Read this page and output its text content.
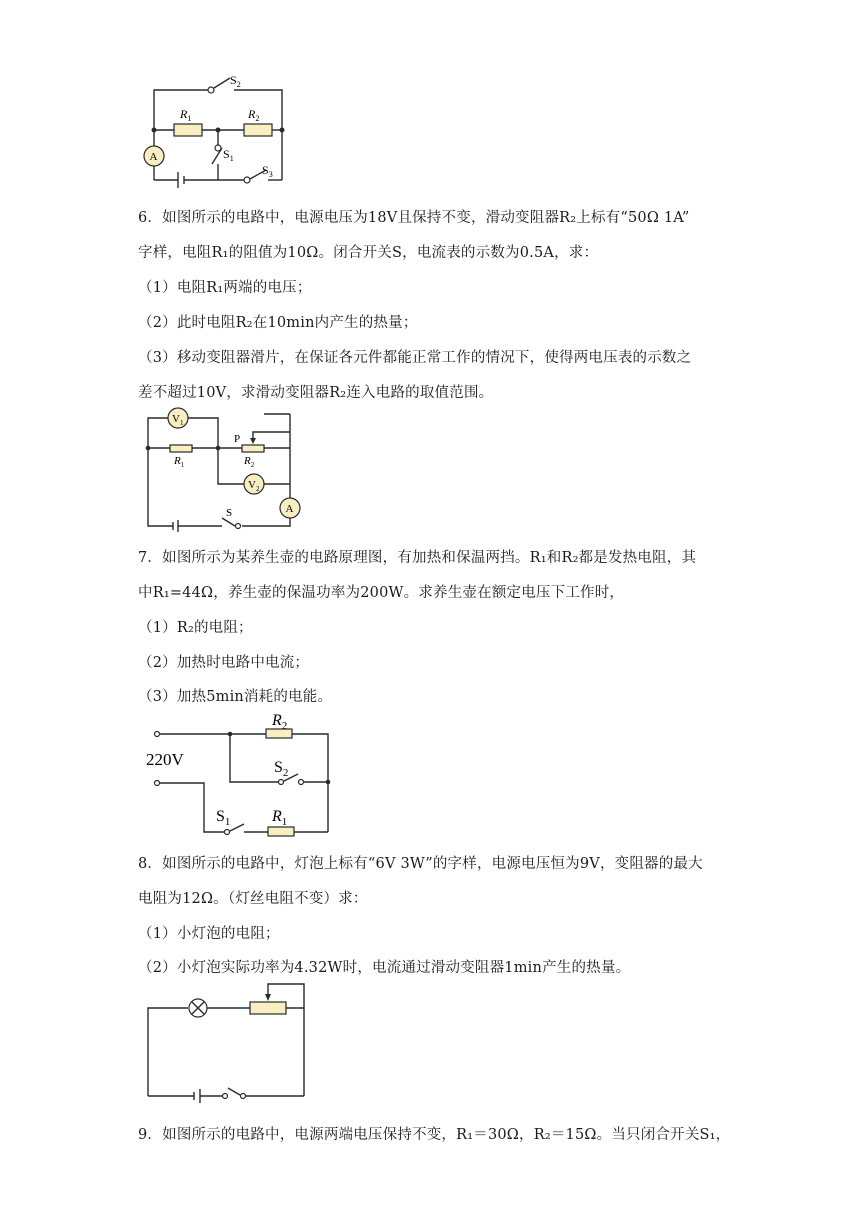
$S_2$
$R_1$	$R_2$
$S_1$
$S_3$
A
6．如图所示的电路中，电源电压为18V且保持不变，滑动变阻器R₂上标有“50Ω 1A”
字样，电阻R₁的阻值为10Ω。闭合开关S，电流表的示数为0.5A，求：
（1）电阻R₁两端的电压；
（2）此时电阻R₂在10min内产生的热量；
（3）移动变阻器滑片，在保证各元件都能正常工作的情况下，使得两电压表的示数之
差不超过10V，求滑动变阻器R₂连入电路的取值范围。
$V_1$
$R_1$
P
$R_2$
$V_2$
A
S
7．如图所示为某养生壶的电路原理图，有加热和保温两挡。R₁和R₂都是发热电阻，其
中R₁=44Ω，养生壶的保温功率为200W。求养生壶在额定电压下工作时，
（1）R₂的电阻；
（2）加热时电路中电流；
（3）加热5min消耗的电能。
220V
$R_2$
$S_2$
$S_1$	$R_1$
8．如图所示的电路中，灯泡上标有“6V 3W”的字样，电源电压恒为9V，变阻器的最大
电阻为12Ω。（灯丝电阻不变）求：
（1）小灯泡的电阻；
（2）小灯泡实际功率为4.32W时，电流通过滑动变阻器1min产生的热量。
9．如图所示的电路中，电源两端电压保持不变，R₁＝30Ω，R₂＝15Ω。当只闭合开关S₁，
